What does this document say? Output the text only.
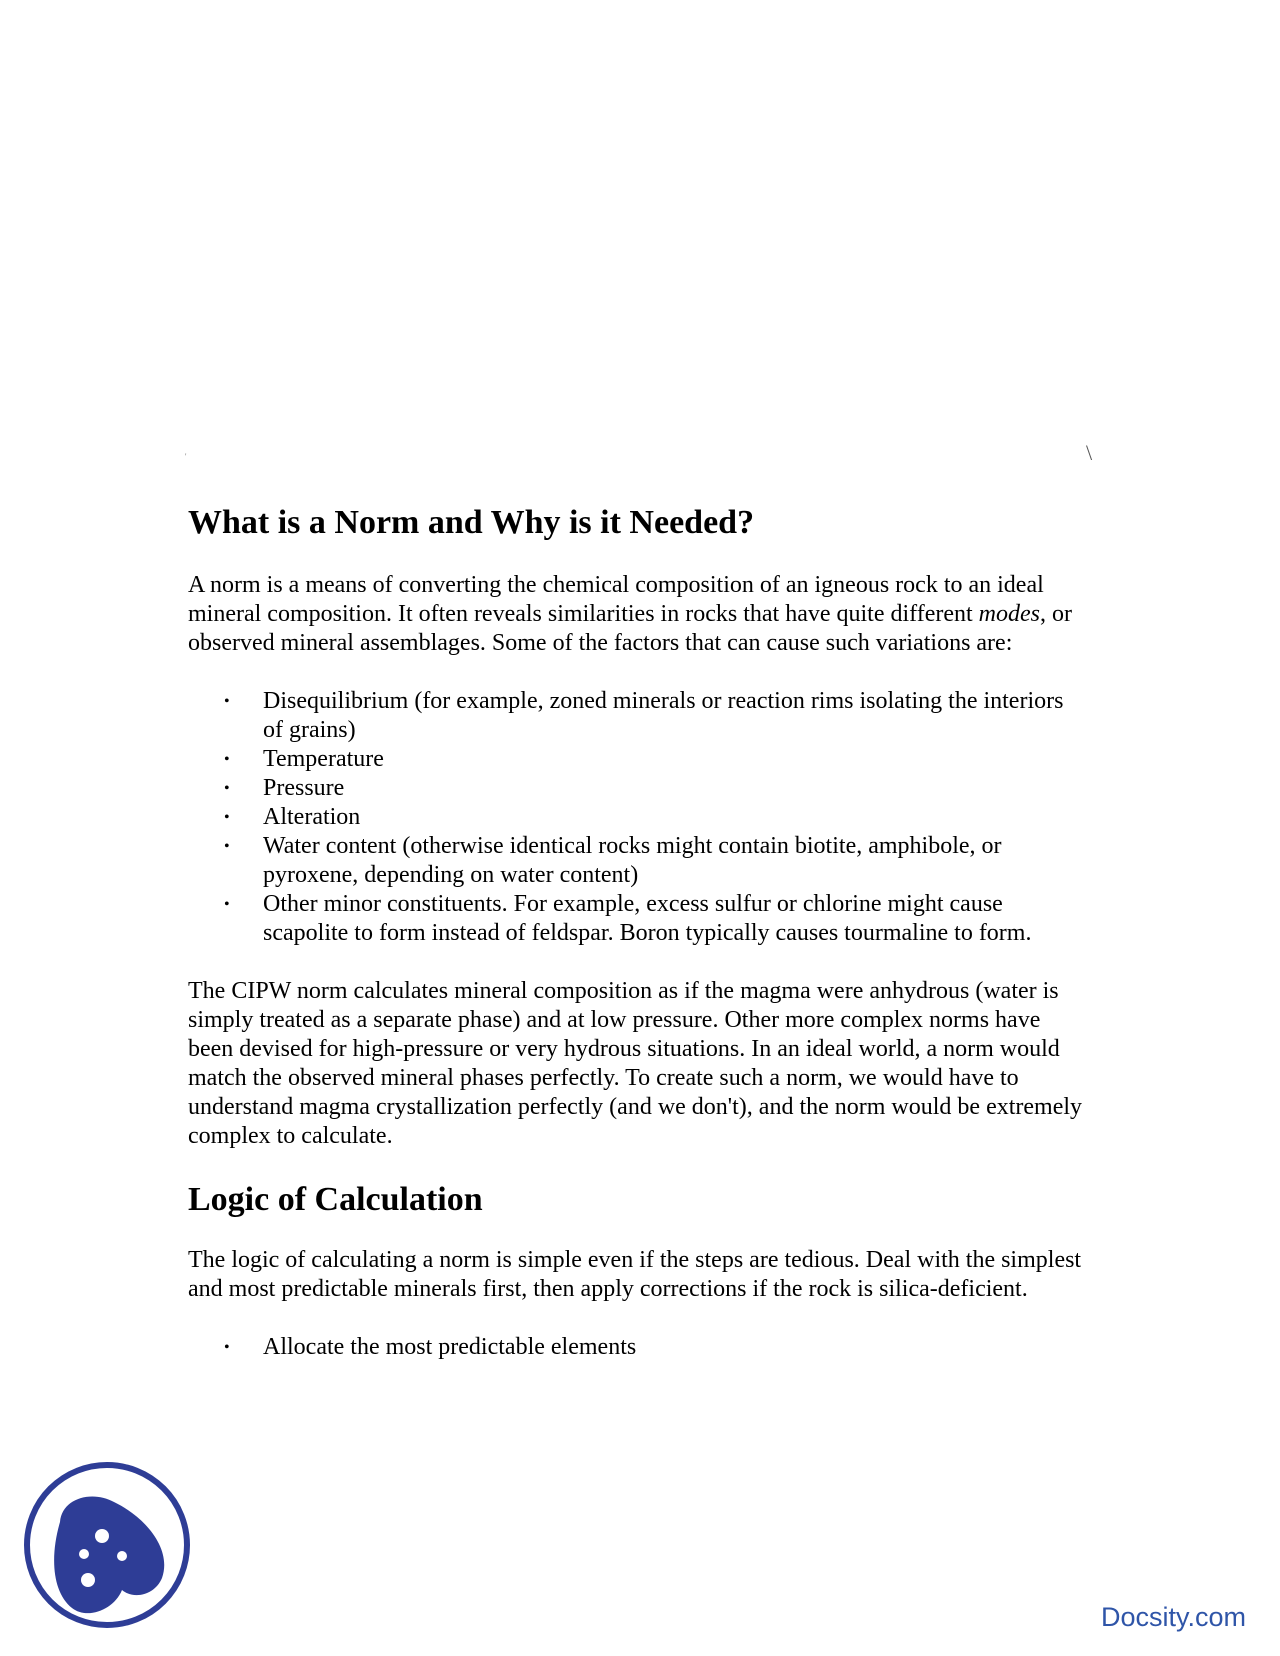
'	\
What is a Norm and Why is it Needed?

A norm is a means of converting the chemical composition of an igneous rock to an ideal mineral composition. It often reveals similarities in rocks that have quite different modes, or observed mineral assemblages. Some of the factors that can cause such variations are:

• Disequilibrium (for example, zoned minerals or reaction rims isolating the interiors of grains)
• Temperature
• Pressure
• Alteration
• Water content (otherwise identical rocks might contain biotite, amphibole, or pyroxene, depending on water content)
• Other minor constituents. For example, excess sulfur or chlorine might cause scapolite to form instead of feldspar. Boron typically causes tourmaline to form.

The CIPW norm calculates mineral composition as if the magma were anhydrous (water is simply treated as a separate phase) and at low pressure. Other more complex norms have been devised for high-pressure or very hydrous situations. In an ideal world, a norm would match the observed mineral phases perfectly. To create such a norm, we would have to understand magma crystallization perfectly (and we don't), and the norm would be extremely complex to calculate.

Logic of Calculation

The logic of calculating a norm is simple even if the steps are tedious. Deal with the simplest and most predictable minerals first, then apply corrections if the rock is silica-deficient.

• Allocate the most predictable elements
Docsity.com
